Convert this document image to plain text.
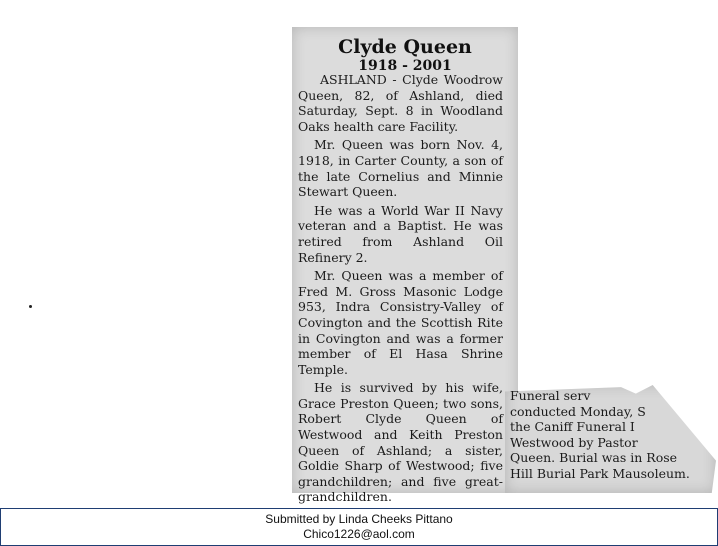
Clyde Queen
1918 - 2001

ASHLAND - Clyde Woodrow Queen, 82, of Ashland, died Saturday, Sept. 8 in Woodland Oaks health care Facility.

Mr. Queen was born Nov. 4, 1918, in Carter County, a son of the late Cornelius and Minnie Stewart Queen.

He was a World War II Navy veteran and a Baptist. He was retired from Ashland Oil Refinery 2.

Mr. Queen was a member of Fred M. Gross Masonic Lodge 953, Indra Consistry-Valley of Covington and the Scottish Rite in Covington and was a former member of El Hasa Shrine Temple.

He is survived by his wife, Grace Preston Queen; two sons, Robert Clyde Queen of Westwood and Keith Preston Queen of Ashland; a sister, Goldie Sharp of Westwood; five grandchildren; and five great-grandchildren.

Funeral serv
conducted Monday, S
the Caniff Funeral I
Westwood by Pastor
Queen. Burial was in Rose
Hill Burial Park Mausoleum.
Submitted by Linda Cheeks Pittano
Chico1226@aol.com
